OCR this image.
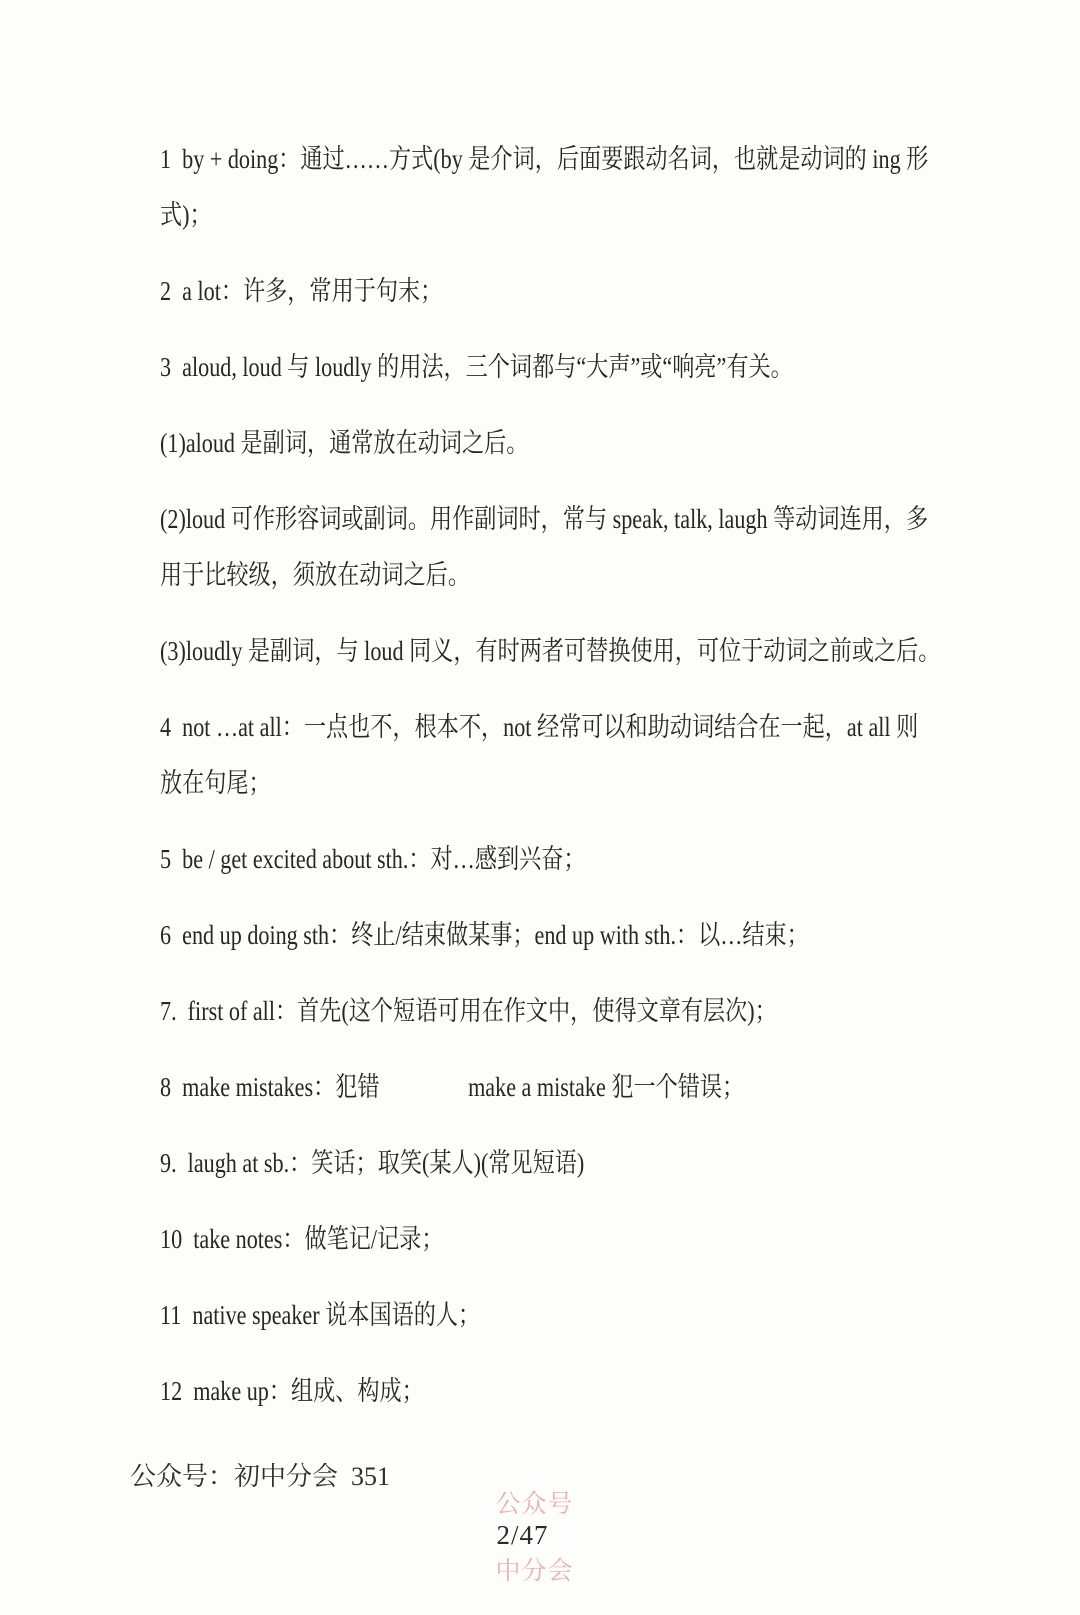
1  by + doing：通过……方式(by 是介词，后面要跟动名词，也就是动词的 ing 形
式)；
2  a lot：许多，常用于句末；
3  aloud, loud 与 loudly 的用法，三个词都与“大声”或“响亮”有关。
(1)aloud 是副词，通常放在动词之后。
(2)loud 可作形容词或副词。用作副词时，常与 speak, talk, laugh 等动词连用，多
用于比较级，须放在动词之后。
(3)loudly 是副词，与 loud 同义，有时两者可替换使用，可位于动词之前或之后。
4  not …at all：一点也不，根本不，not 经常可以和助动词结合在一起，at all 则
放在句尾；
5  be / get excited about sth.：对…感到兴奋；
6  end up doing sth：终止/结束做某事；end up with sth.：以…结束；
7.  first of all：首先(这个短语可用在作文中，使得文章有层次)；
8  make mistakes：犯错　　　　make a mistake 犯一个错误；
9.  laugh at sb.：笑话；取笑(某人)(常见短语)
10  take notes：做笔记/记录；
11  native speaker 说本国语的人；
12  make up：组成、构成；
公众号：初中分会  351

公众号
2/47
中分会
